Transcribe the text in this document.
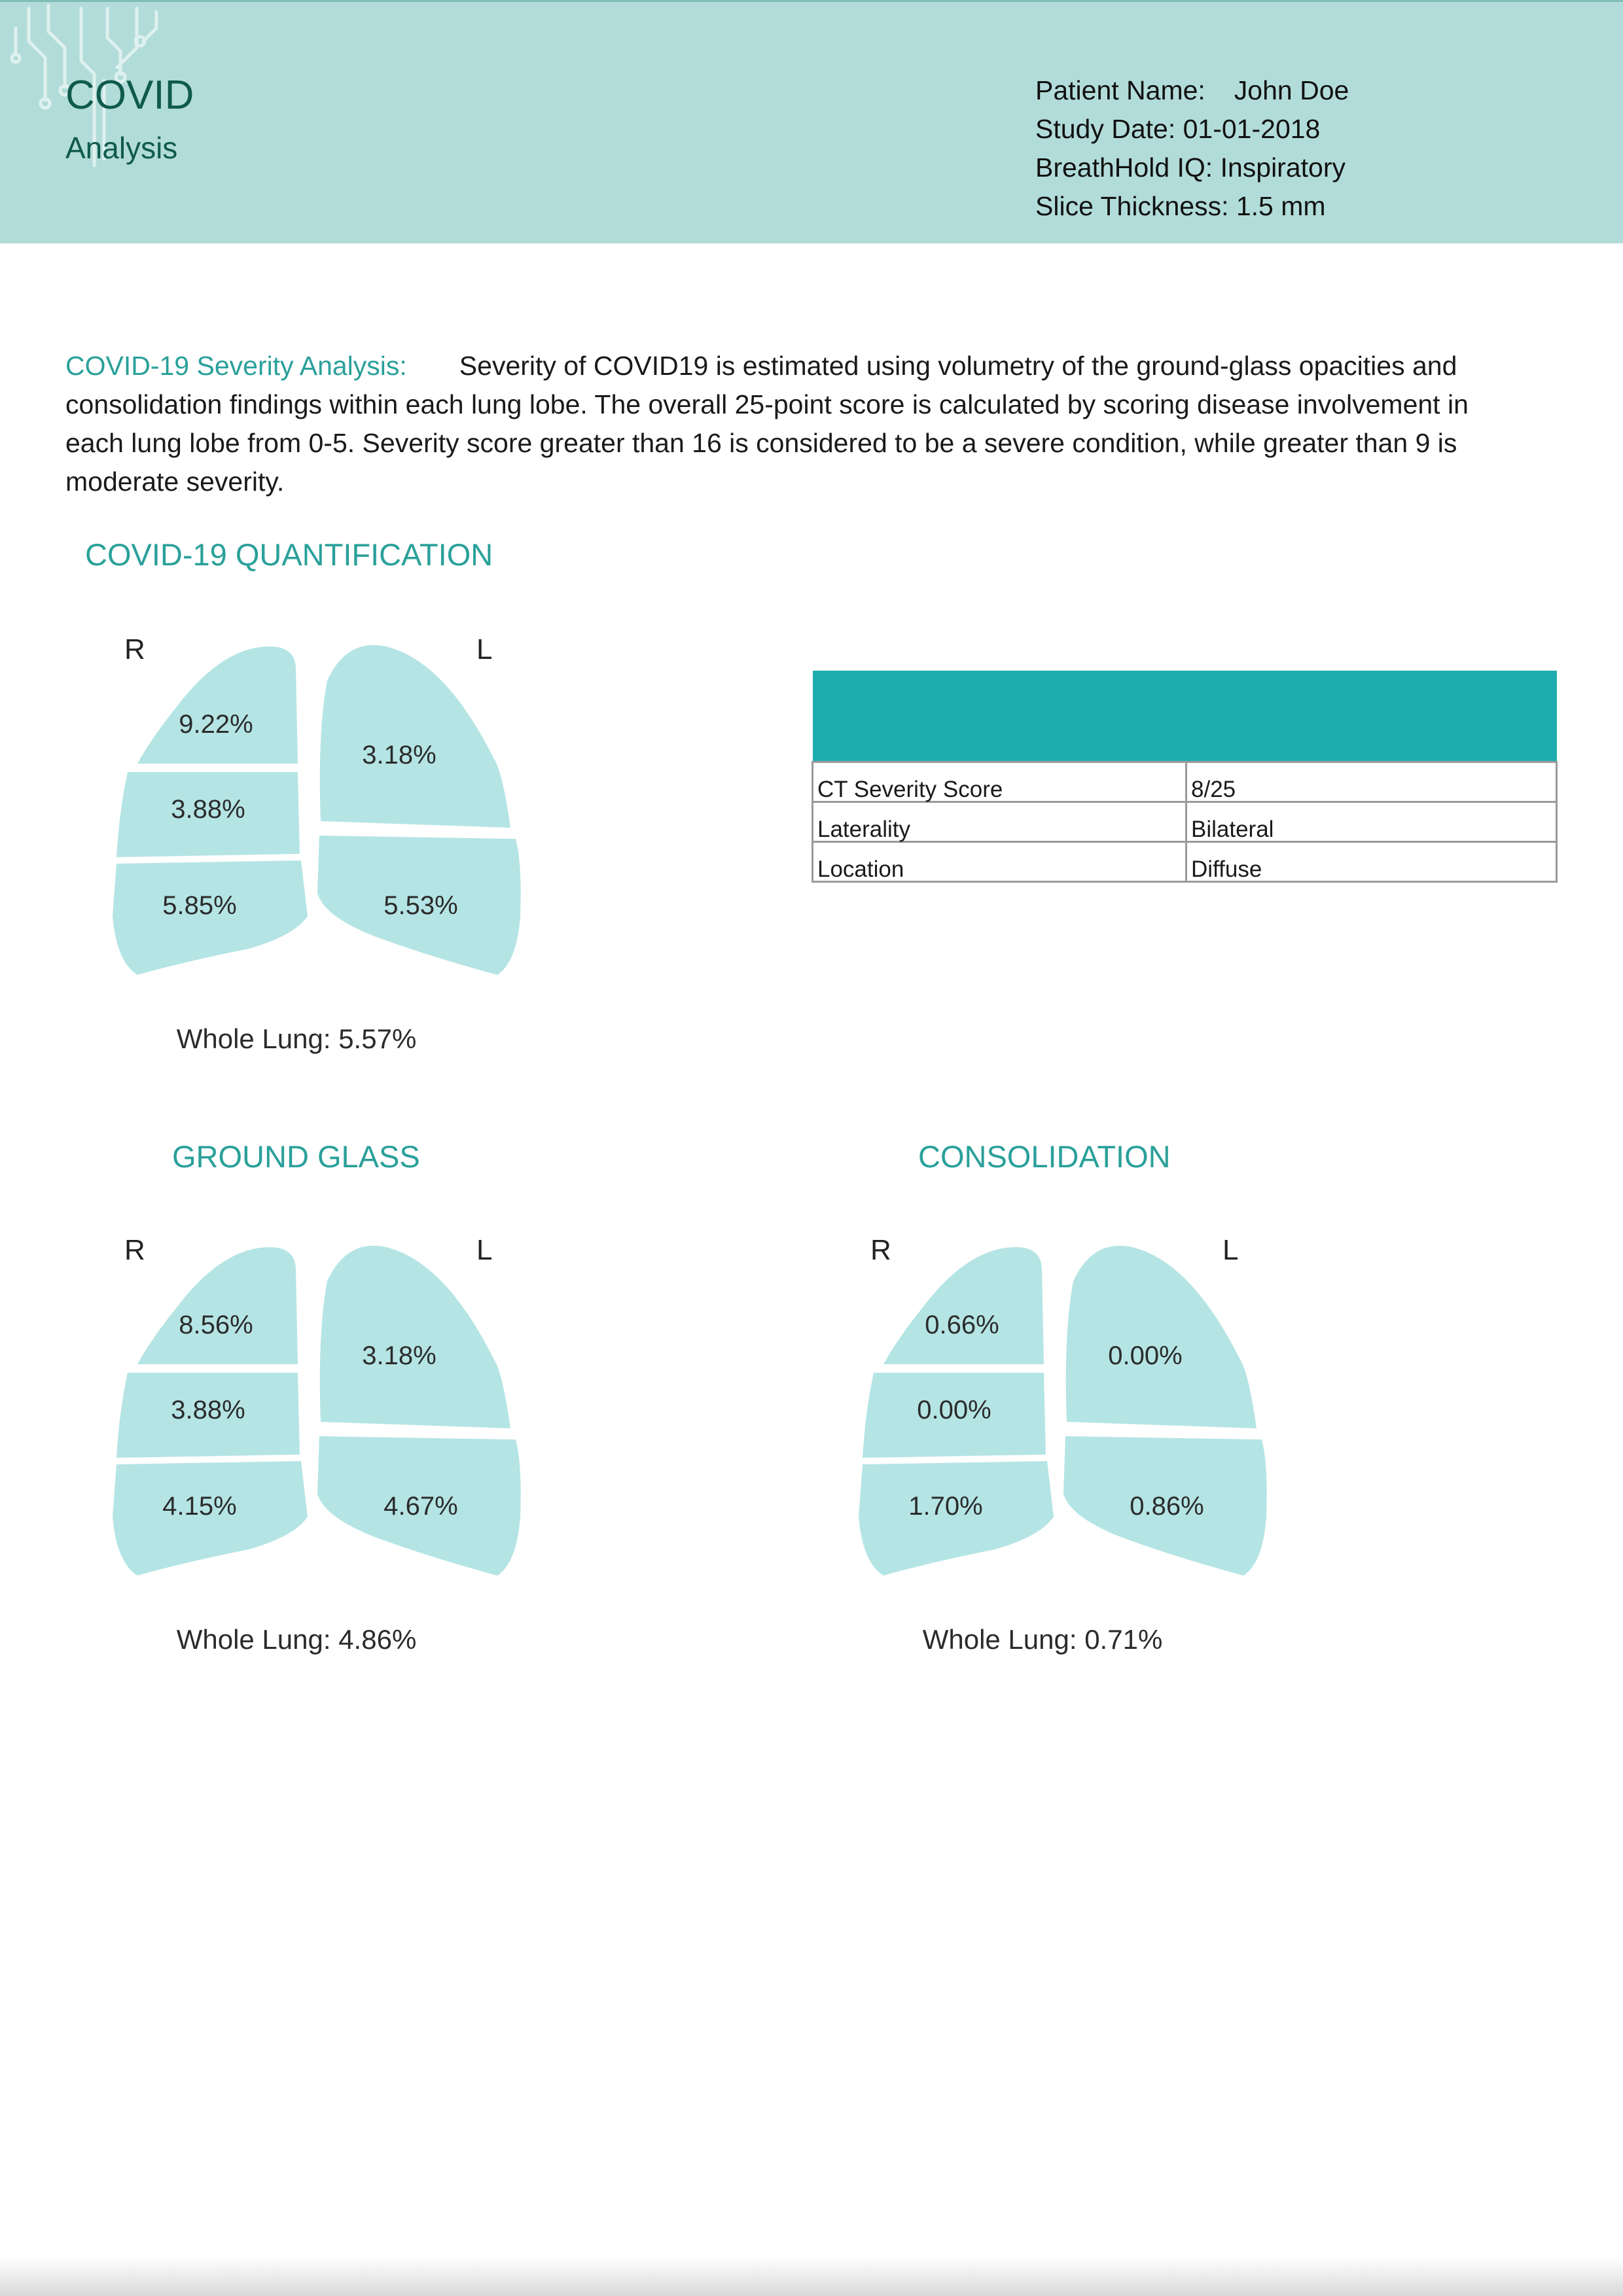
COVID
Analysis
Patient Name: John Doe
Study Date: 01-01-2018
BreathHold IQ: Inspiratory
Slice Thickness: 1.5 mm
COVID-19 Severity Analysis: Severity of COVID19 is estimated using volumetry of the ground-glass opacities and consolidation findings within each lung lobe. The overall 25-point score is calculated by scoring disease involvement in each lung lobe from 0-5. Severity score greater than 16 is considered to be a severe condition, while greater than 9 is moderate severity.
COVID-19 QUANTIFICATION
GROUND GLASS	CONSOLIDATION
R	L
9.22%
3.88%
5.85%
3.18%
5.53%
Whole Lung: 5.57%

CT Severity Score	8/25
Laterality	Bilateral
Location	Diffuse
R	L
8.56%
3.88%
4.15%
3.18%
4.67%
Whole Lung: 4.86%
R	L
0.66%
0.00%
1.70%
0.00%
0.86%
Whole Lung: 0.71%
